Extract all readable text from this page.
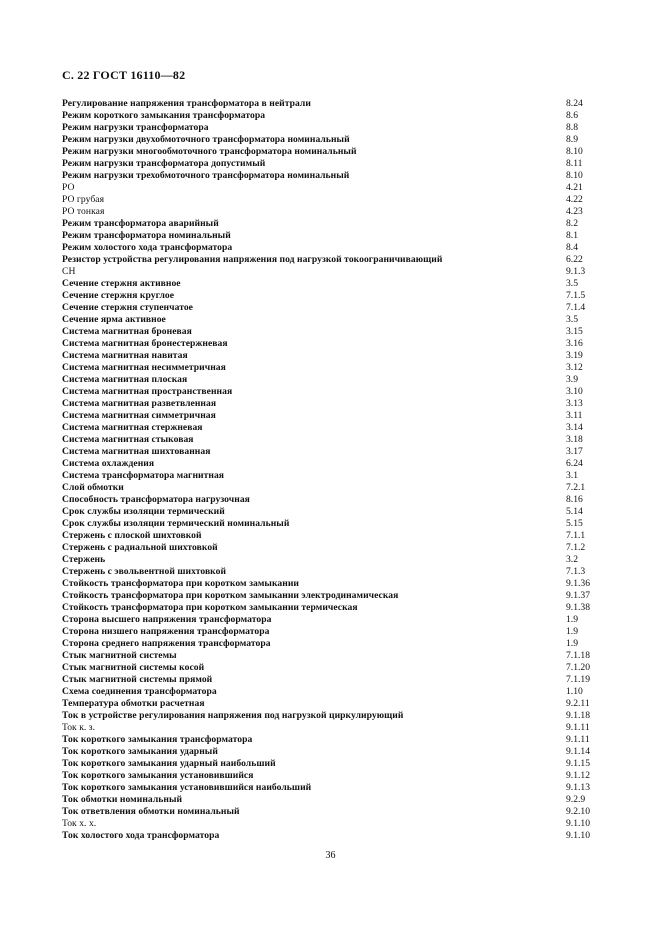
С. 22 ГОСТ 16110—82
Регулирование напряжения трансформатора в нейтрали	8.24
Режим короткого замыкания трансформатора	8.6
Режим нагрузки трансформатора	8.8
Режим нагрузки двухобмоточного трансформатора номинальный	8.9
Режим нагрузки многообмоточного трансформатора номинальный	8.10
Режим нагрузки трансформатора допустимый	8.11
Режим нагрузки трехобмоточного трансформатора номинальный	8.10
РО	4.21
РО грубая	4.22
РО тонкая	4.23
Режим трансформатора аварийный	8.2
Режим трансформатора номинальный	8.1
Режим холостого хода трансформатора	8.4
Резистор устройства регулирования напряжения под нагрузкой токоограничивающий	6.22
СН	9.1.3
Сечение стержня активное	3.5
Сечение стержня круглое	7.1.5
Сечение стержня ступенчатое	7.1.4
Сечение ярма активное	3.5
Система магнитная броневая	3.15
Система магнитная бронестержневая	3.16
Система магнитная навитая	3.19
Система магнитная несимметричная	3.12
Система магнитная плоская	3.9
Система магнитная пространственная	3.10
Система магнитная разветвленная	3.13
Система магнитная симметричная	3.11
Система магнитная стержневая	3.14
Система магнитная стыковая	3.18
Система магнитная шихтованная	3.17
Система охлаждения	6.24
Система трансформатора магнитная	3.1
Слой обмотки	7.2.1
Способность трансформатора нагрузочная	8.16
Срок службы изоляции термический	5.14
Срок службы изоляции термический номинальный	5.15
Стержень с плоской шихтовкой	7.1.1
Стержень с радиальной шихтовкой	7.1.2
Стержень	3.2
Стержень с эвольвентной шихтовкой	7.1.3
Стойкость трансформатора при коротком замыкании	9.1.36
Стойкость трансформатора при коротком замыкании электродинамическая	9.1.37
Стойкость трансформатора при коротком замыкании термическая	9.1.38
Сторона высшего напряжения трансформатора	1.9
Сторона низшего напряжения трансформатора	1.9
Сторона среднего напряжения трансформатора	1.9
Стык магнитной системы	7.1.18
Стык магнитной системы косой	7.1.20
Стык магнитной системы прямой	7.1.19
Схема соединения трансформатора	1.10
Температура обмотки расчетная	9.2.11
Ток в устройстве регулирования напряжения под нагрузкой циркулирующий	9.1.18
Ток к. з.	9.1.11
Ток короткого замыкания трансформатора	9.1.11
Ток короткого замыкания ударный	9.1.14
Ток короткого замыкания ударный наибольший	9.1.15
Ток короткого замыкания установившийся	9.1.12
Ток короткого замыкания установившийся наибольший	9.1.13
Ток обмотки номинальный	9.2.9
Ток ответвления обмотки номинальный	9.2.10
Ток х. х.	9.1.10
Ток холостого хода трансформатора	9.1.10
36
